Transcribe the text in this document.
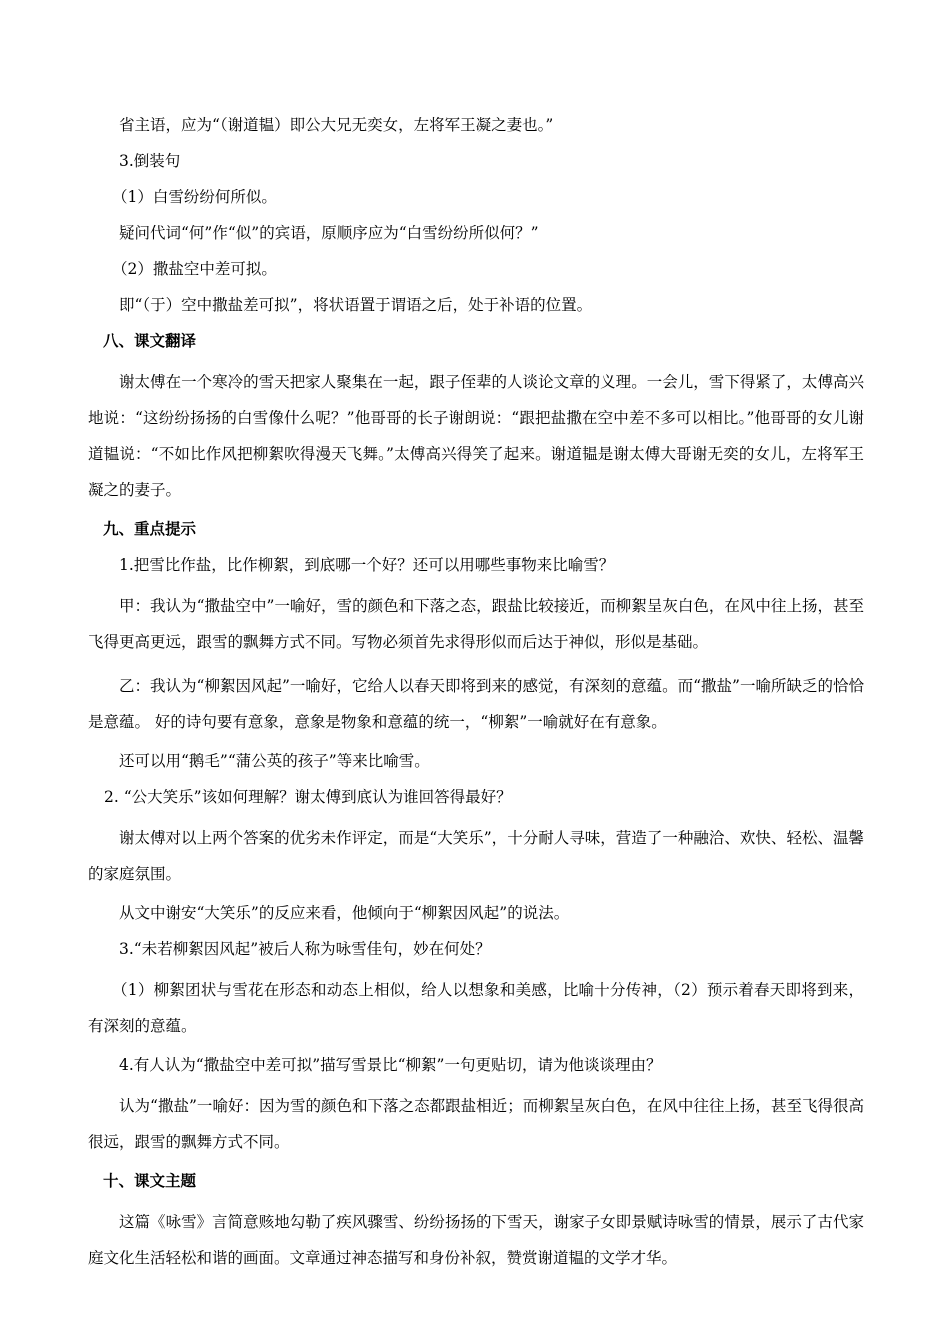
省主语，应为“（谢道韫）即公大兄无奕女，左将军王凝之妻也。”

3.倒装句

（1）白雪纷纷何所似。

疑问代词“何”作“似”的宾语，原顺序应为“白雪纷纷所似何？”

（2）撒盐空中差可拟。

即“（于）空中撒盐差可拟”，将状语置于谓语之后，处于补语的位置。

八、课文翻译

谢太傅在一个寒冷的雪天把家人聚集在一起，跟子侄辈的人谈论文章的义理。一会儿，雪下得紧了，太傅高兴地说：“这纷纷扬扬的白雪像什么呢？”他哥哥的长子谢朗说：“跟把盐撒在空中差不多可以相比。”他哥哥的女儿谢道韫说：“不如比作风把柳絮吹得漫天飞舞。”太傅高兴得笑了起来。谢道韫是谢太傅大哥谢无奕的女儿，左将军王凝之的妻子。

九、重点提示

1.把雪比作盐，比作柳絮，到底哪一个好？还可以用哪些事物来比喻雪？

甲：我认为“撒盐空中”一喻好，雪的颜色和下落之态，跟盐比较接近，而柳絮呈灰白色，在风中往上扬，甚至飞得更高更远，跟雪的飘舞方式不同。写物必须首先求得形似而后达于神似，形似是基础。

乙：我认为“柳絮因风起”一喻好，它给人以春天即将到来的感觉，有深刻的意蕴。而“撒盐”一喻所缺乏的恰恰是意蕴。 好的诗句要有意象，意象是物象和意蕴的统一，“柳絮”一喻就好在有意象。

还可以用“鹅毛”“蒲公英的孩子”等来比喻雪。

2. “公大笑乐”该如何理解？谢太傅到底认为谁回答得最好？

谢太傅对以上两个答案的优劣未作评定，而是“大笑乐”，十分耐人寻味，营造了一种融洽、欢快、轻松、温馨的家庭氛围。

从文中谢安“大笑乐”的反应来看，他倾向于“柳絮因风起”的说法。

3.“未若柳絮因风起”被后人称为咏雪佳句，妙在何处？

（1）柳絮团状与雪花在形态和动态上相似，给人以想象和美感，比喻十分传神，（2）预示着春天即将到来，有深刻的意蕴。

4.有人认为“撒盐空中差可拟”描写雪景比“柳絮”一句更贴切，请为他谈谈理由？

认为“撒盐”一喻好：因为雪的颜色和下落之态都跟盐相近；而柳絮呈灰白色，在风中往往上扬，甚至飞得很高很远，跟雪的飘舞方式不同。

十、课文主题

这篇《咏雪》言简意赅地勾勒了疾风骤雪、纷纷扬扬的下雪天，谢家子女即景赋诗咏雪的情景，展示了古代家庭文化生活轻松和谐的画面。文章通过神态描写和身份补叙，赞赏谢道韫的文学才华。
